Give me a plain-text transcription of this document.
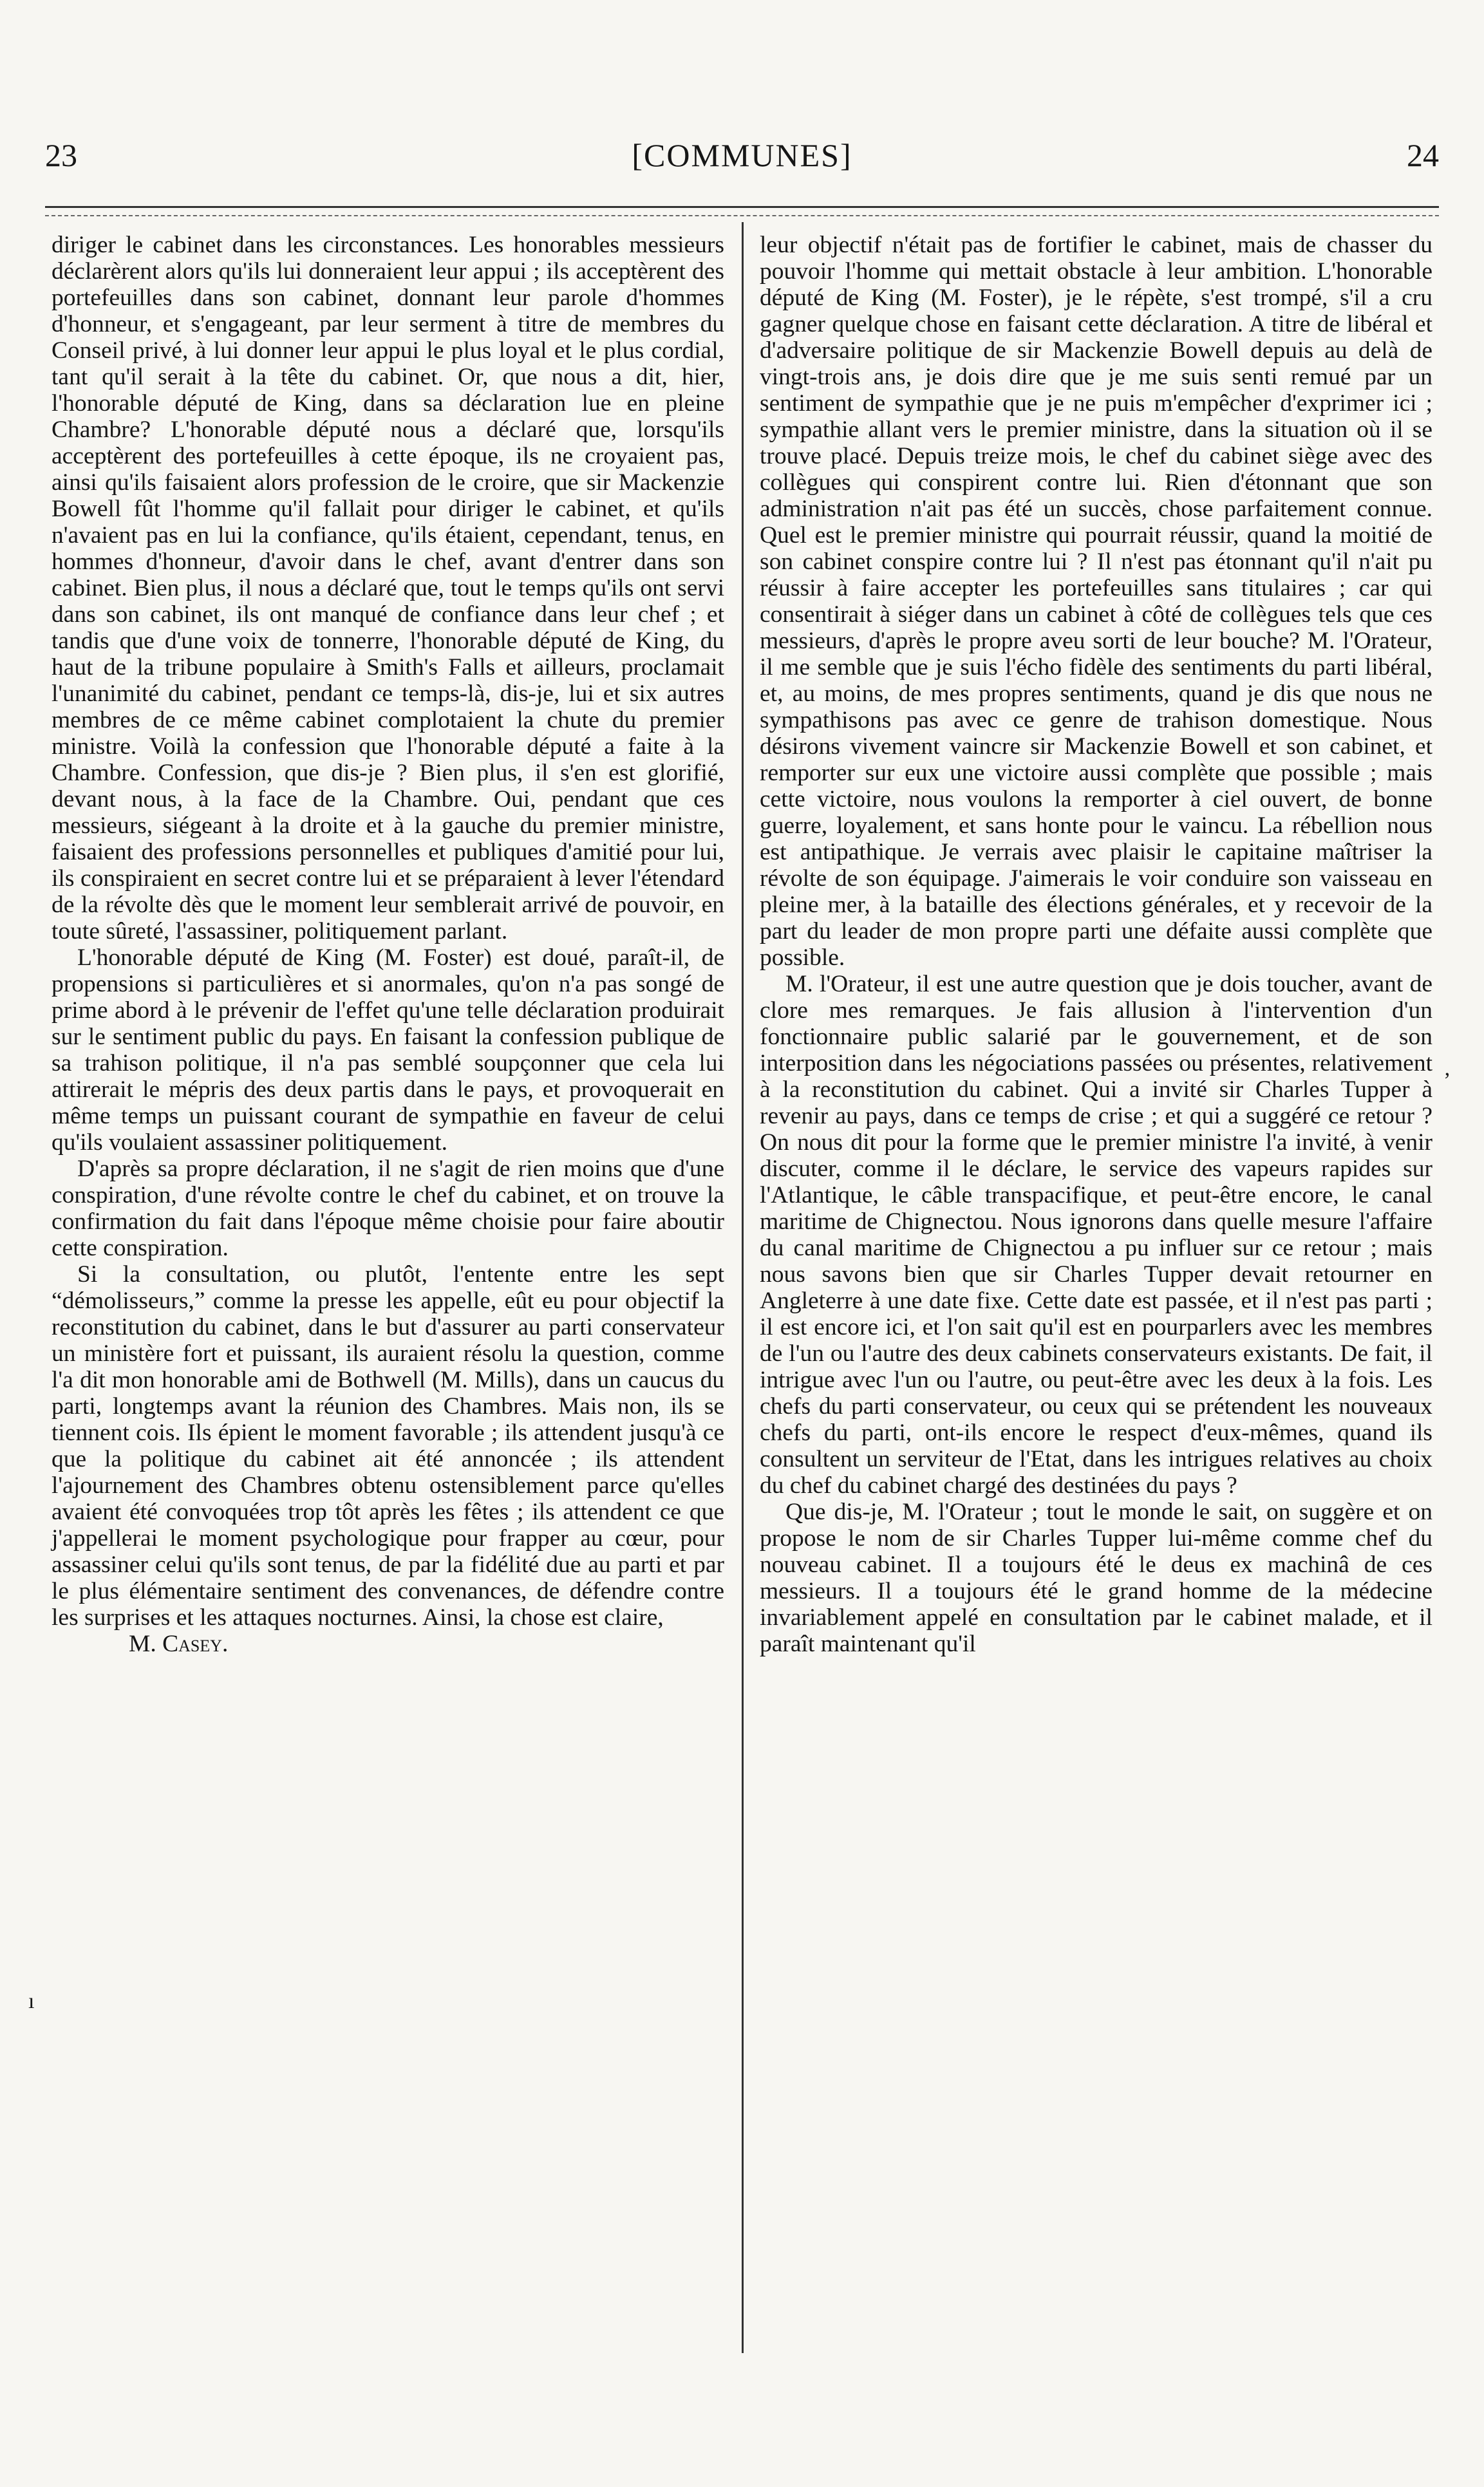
23	[COMMUNES]	24

diriger le cabinet dans les circonstances. Les honorables messieurs déclarèrent alors qu'ils lui donneraient leur appui ; ils acceptèrent des portefeuilles dans son cabinet, donnant leur parole d'hommes d'honneur, et s'engageant, par leur serment à titre de membres du Conseil privé, à lui donner leur appui le plus loyal et le plus cordial, tant qu'il serait à la tête du cabinet. Or, que nous a dit, hier, l'honorable député de King, dans sa déclaration lue en pleine Chambre? L'honorable député nous a déclaré que, lorsqu'ils acceptèrent des portefeuilles à cette époque, ils ne croyaient pas, ainsi qu'ils faisaient alors profession de le croire, que sir Mackenzie Bowell fût l'homme qu'il fallait pour diriger le cabinet, et qu'ils n'avaient pas en lui la confiance, qu'ils étaient, cependant, tenus, en hommes d'honneur, d'avoir dans le chef, avant d'entrer dans son cabinet. Bien plus, il nous a déclaré que, tout le temps qu'ils ont servi dans son cabinet, ils ont manqué de confiance dans leur chef ; et tandis que d'une voix de tonnerre, l'honorable député de King, du haut de la tribune populaire à Smith's Falls et ailleurs, proclamait l'unanimité du cabinet, pendant ce temps-là, dis-je, lui et six autres membres de ce même cabinet complotaient la chute du premier ministre. Voilà la confession que l'honorable député a faite à la Chambre. Confession, que dis-je ? Bien plus, il s'en est glorifié, devant nous, à la face de la Chambre. Oui, pendant que ces messieurs, siégeant à la droite et à la gauche du premier ministre, faisaient des professions personnelles et publiques d'amitié pour lui, ils conspiraient en secret contre lui et se préparaient à lever l'étendard de la révolte dès que le moment leur semblerait arrivé de pouvoir, en toute sûreté, l'assassiner, politiquement parlant.

L'honorable député de King (M. Foster) est doué, paraît-il, de propensions si particulières et si anormales, qu'on n'a pas songé de prime abord à le prévenir de l'effet qu'une telle déclaration produirait sur le sentiment public du pays. En faisant la confession publique de sa trahison politique, il n'a pas semblé soupçonner que cela lui attirerait le mépris des deux partis dans le pays, et provoquerait en même temps un puissant courant de sympathie en faveur de celui qu'ils voulaient assassiner politiquement.

D'après sa propre déclaration, il ne s'agit de rien moins que d'une conspiration, d'une révolte contre le chef du cabinet, et on trouve la confirmation du fait dans l'époque même choisie pour faire aboutir cette conspiration.

Si la consultation, ou plutôt, l'entente entre les sept “démolisseurs,” comme la presse les appelle, eût eu pour objectif la reconstitution du cabinet, dans le but d'assurer au parti conservateur un ministère fort et puissant, ils auraient résolu la question, comme l'a dit mon honorable ami de Bothwell (M. Mills), dans un caucus du parti, longtemps avant la réunion des Chambres. Mais non, ils se tiennent cois. Ils épient le moment favorable ; ils attendent jusqu'à ce que la politique du cabinet ait été annoncée ; ils attendent l'ajournement des Chambres obtenu ostensiblement parce qu'elles avaient été convoquées trop tôt après les fêtes ; ils attendent ce que j'appellerai le moment psychologique pour frapper au cœur, pour assassiner celui qu'ils sont tenus, de par la fidélité due au parti et par le plus élémentaire sentiment des convenances, de défendre contre les surprises et les attaques nocturnes. Ainsi, la chose est claire,

M. Casey.

leur objectif n'était pas de fortifier le cabinet, mais de chasser du pouvoir l'homme qui mettait obstacle à leur ambition. L'honorable député de King (M. Foster), je le répète, s'est trompé, s'il a cru gagner quelque chose en faisant cette déclaration. A titre de libéral et d'adversaire politique de sir Mackenzie Bowell depuis au delà de vingt-trois ans, je dois dire que je me suis senti remué par un sentiment de sympathie que je ne puis m'empêcher d'exprimer ici ; sympathie allant vers le premier ministre, dans la situation où il se trouve placé. Depuis treize mois, le chef du cabinet siège avec des collègues qui conspirent contre lui. Rien d'étonnant que son administration n'ait pas été un succès, chose parfaitement connue. Quel est le premier ministre qui pourrait réussir, quand la moitié de son cabinet conspire contre lui ? Il n'est pas étonnant qu'il n'ait pu réussir à faire accepter les portefeuilles sans titulaires ; car qui consentirait à siéger dans un cabinet à côté de collègues tels que ces messieurs, d'après le propre aveu sorti de leur bouche? M. l'Orateur, il me semble que je suis l'écho fidèle des sentiments du parti libéral, et, au moins, de mes propres sentiments, quand je dis que nous ne sympathisons pas avec ce genre de trahison domestique. Nous désirons vivement vaincre sir Mackenzie Bowell et son cabinet, et remporter sur eux une victoire aussi complète que possible ; mais cette victoire, nous voulons la remporter à ciel ouvert, de bonne guerre, loyalement, et sans honte pour le vaincu. La rébellion nous est antipathique. Je verrais avec plaisir le capitaine maîtriser la révolte de son équipage. J'aimerais le voir conduire son vaisseau en pleine mer, à la bataille des élections générales, et y recevoir de la part du leader de mon propre parti une défaite aussi complète que possible.

M. l'Orateur, il est une autre question que je dois toucher, avant de clore mes remarques. Je fais allusion à l'intervention d'un fonctionnaire public salarié par le gouvernement, et de son interposition dans les négociations passées ou présentes, relativement à la reconstitution du cabinet. Qui a invité sir Charles Tupper à revenir au pays, dans ce temps de crise ; et qui a suggéré ce retour ? On nous dit pour la forme que le premier ministre l'a invité, à venir discuter, comme il le déclare, le service des vapeurs rapides sur l'Atlantique, le câble transpacifique, et peut-être encore, le canal maritime de Chignectou. Nous ignorons dans quelle mesure l'affaire du canal maritime de Chignectou a pu influer sur ce retour ; mais nous savons bien que sir Charles Tupper devait retourner en Angleterre à une date fixe. Cette date est passée, et il n'est pas parti ; il est encore ici, et l'on sait qu'il est en pourparlers avec les membres de l'un ou l'autre des deux cabinets conservateurs existants. De fait, il intrigue avec l'un ou l'autre, ou peut-être avec les deux à la fois. Les chefs du parti conservateur, ou ceux qui se prétendent les nouveaux chefs du parti, ont-ils encore le respect d'eux-mêmes, quand ils consultent un serviteur de l'Etat, dans les intrigues relatives au choix du chef du cabinet chargé des destinées du pays ?

Que dis-je, M. l'Orateur ; tout le monde le sait, on suggère et on propose le nom de sir Charles Tupper lui-même comme chef du nouveau cabinet. Il a toujours été le deus ex machinâ de ces messieurs. Il a toujours été le grand homme de la médecine invariablement appelé en consultation par le cabinet malade, et il paraît maintenant qu'il

ı
ʼ
